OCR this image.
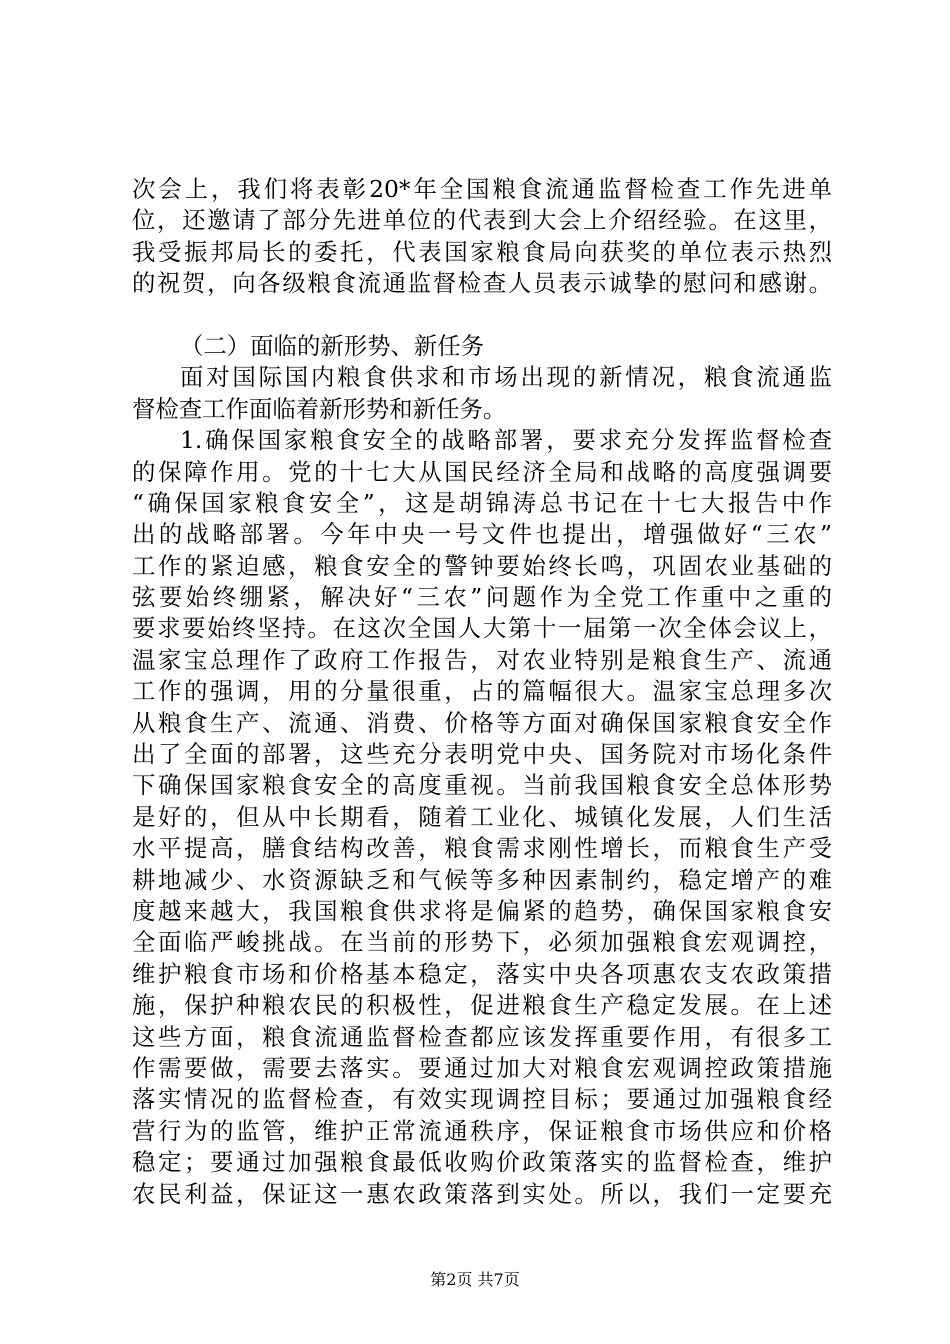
次会上，我们将表彰20*年全国粮食流通监督检查工作先进单
位，还邀请了部分先进单位的代表到大会上介绍经验。在这里，
我受振邦局长的委托，代表国家粮食局向获奖的单位表示热烈
的祝贺，向各级粮食流通监督检查人员表示诚挚的慰问和感谢。
（二）面临的新形势、新任务
面对国际国内粮食供求和市场出现的新情况，粮食流通监
督检查工作面临着新形势和新任务。
1.确保国家粮食安全的战略部署，要求充分发挥监督检查
的保障作用。党的十七大从国民经济全局和战略的高度强调要
“确保国家粮食安全”，这是胡锦涛总书记在十七大报告中作
出的战略部署。今年中央一号文件也提出，增强做好“三农”
工作的紧迫感，粮食安全的警钟要始终长鸣，巩固农业基础的
弦要始终绷紧，解决好“三农”问题作为全党工作重中之重的
要求要始终坚持。在这次全国人大第十一届第一次全体会议上，
温家宝总理作了政府工作报告，对农业特别是粮食生产、流通
工作的强调，用的分量很重，占的篇幅很大。温家宝总理多次
从粮食生产、流通、消费、价格等方面对确保国家粮食安全作
出了全面的部署，这些充分表明党中央、国务院对市场化条件
下确保国家粮食安全的高度重视。当前我国粮食安全总体形势
是好的，但从中长期看，随着工业化、城镇化发展，人们生活
水平提高，膳食结构改善，粮食需求刚性增长，而粮食生产受
耕地减少、水资源缺乏和气候等多种因素制约，稳定增产的难
度越来越大，我国粮食供求将是偏紧的趋势，确保国家粮食安
全面临严峻挑战。在当前的形势下，必须加强粮食宏观调控，
维护粮食市场和价格基本稳定，落实中央各项惠农支农政策措
施，保护种粮农民的积极性，促进粮食生产稳定发展。在上述
这些方面，粮食流通监督检查都应该发挥重要作用，有很多工
作需要做，需要去落实。要通过加大对粮食宏观调控政策措施
落实情况的监督检查，有效实现调控目标；要通过加强粮食经
营行为的监管，维护正常流通秩序，保证粮食市场供应和价格
稳定；要通过加强粮食最低收购价政策落实的监督检查，维护
农民利益，保证这一惠农政策落到实处。所以，我们一定要充
第2页 共7页
